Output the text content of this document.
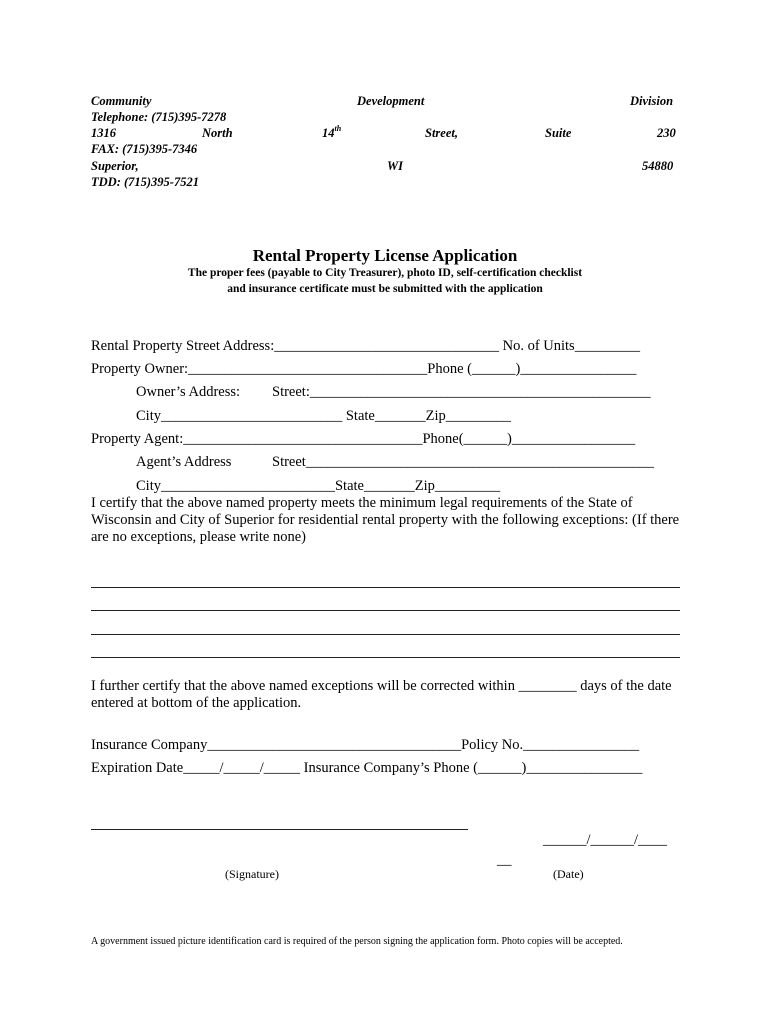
Community	Development	Division
Telephone: (715)395-7278
1316	North	14th	Street,	Suite	230
FAX: (715)395-7346
Superior,	WI	54880
TDD: (715)395-7521
Rental Property License Application
The proper fees (payable to City Treasurer), photo ID, self-certification checklist
and insurance certificate must be submitted with the application
Rental Property Street Address:_______________________________ No. of Units_________
Property Owner:_________________________________Phone (______)________________
Owner’s Address: Street:_______________________________________________
City_________________________ State_______Zip_________
Property Agent:_________________________________Phone(______)_________________
Agent’s Address	Street________________________________________________
City________________________State_______Zip_________
I certify that the above named property meets the minimum legal requirements of the State of Wisconsin and City of Superior for residential rental property with the following exceptions: (If there are no exceptions, please write none)
I further certify that the above named exceptions will be corrected within ________ days of the date entered at bottom of the application.
Insurance Company___________________________________Policy No.________________
Expiration Date_____/_____/_____ Insurance Company’s Phone (______)________________
______/______/____
__
(Signature)	(Date)
A government issued picture identification card is required of the person signing the application form. Photo copies will be accepted.
